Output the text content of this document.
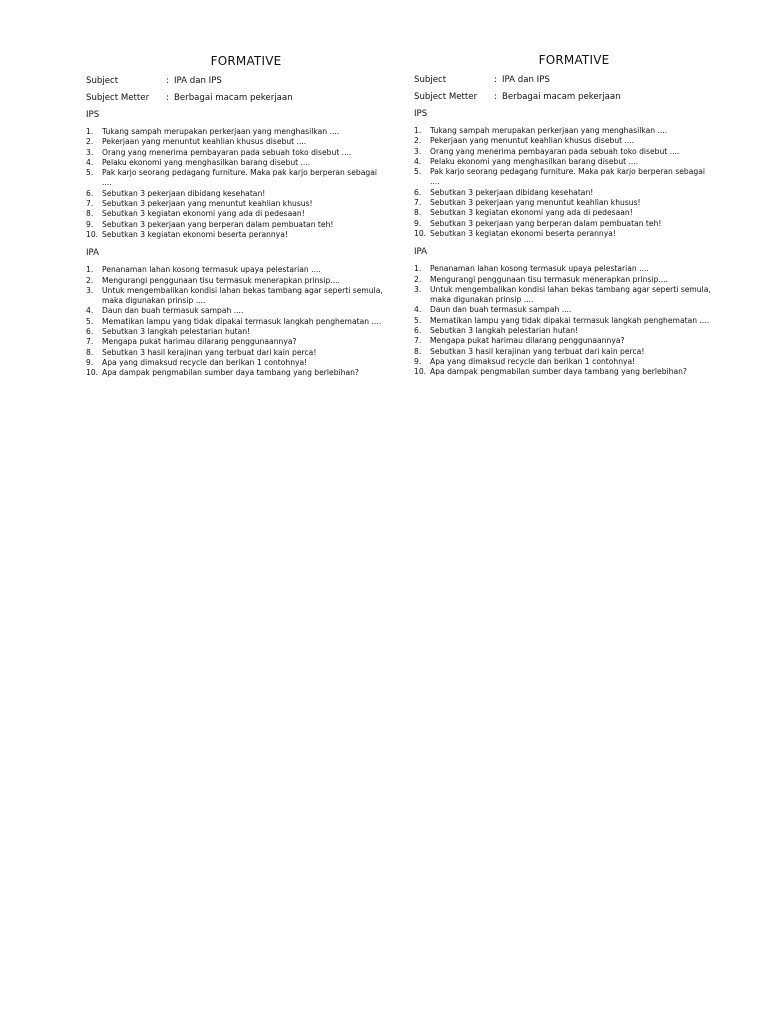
FORMATIVE
Subject	: IPA dan IPS
Subject Metter : Berbagai macam pekerjaan
IPS
1.	Tukang sampah merupakan perkerjaan yang menghasilkan ....
2.	Pekerjaan yang menuntut keahlian khusus disebut ....
3.	Orang yang menerima pembayaran pada sebuah toko disebut ....
4.	Pelaku ekonomi yang menghasilkan barang disebut ....
5.	Pak karjo seorang pedagang furniture. Maka pak karjo berperan sebagai ....
6.	Sebutkan 3 pekerjaan dibidang kesehatan!
7.	Sebutkan 3 pekerjaan yang menuntut keahlian khusus!
8.	Sebutkan 3 kegiatan ekonomi yang ada di pedesaan!
9.	Sebutkan 3 pekerjaan yang berperan dalam pembuatan teh!
10. Sebutkan 3 kegiatan ekonomi beserta perannya!
IPA
1.	Penanaman lahan kosong termasuk upaya pelestarian ....
2.	Mengurangi penggunaan tisu termasuk menerapkan prinsip....
3.	Untuk mengembalikan kondisi lahan bekas tambang agar seperti semula, maka digunakan prinsip ....
4.	Daun dan buah termasuk sampah ....
5.	Mematikan lampu yang tidak dipakai termasuk langkah penghematan ....
6.	Sebutkan 3 langkah pelestarian hutan!
7.	Mengapa pukat harimau dilarang penggunaannya?
8.	Sebutkan 3 hasil kerajinan yang terbuat dari kain perca!
9.	Apa yang dimaksud recycle dan berikan 1 contohnya!
10. Apa dampak pengmabilan sumber daya tambang yang berlebihan?
FORMATIVE
Subject	: IPA dan IPS
Subject Metter : Berbagai macam pekerjaan
IPS
1.	Tukang sampah merupakan perkerjaan yang menghasilkan ....
2.	Pekerjaan yang menuntut keahlian khusus disebut ....
3.	Orang yang menerima pembayaran pada sebuah toko disebut ....
4.	Pelaku ekonomi yang menghasilkan barang disebut ....
5.	Pak karjo seorang pedagang furniture. Maka pak karjo berperan sebagai ....
6.	Sebutkan 3 pekerjaan dibidang kesehatan!
7.	Sebutkan 3 pekerjaan yang menuntut keahlian khusus!
8.	Sebutkan 3 kegiatan ekonomi yang ada di pedesaan!
9.	Sebutkan 3 pekerjaan yang berperan dalam pembuatan teh!
10. Sebutkan 3 kegiatan ekonomi beserta perannya!
IPA
1.	Penanaman lahan kosong termasuk upaya pelestarian ....
2.	Mengurangi penggunaan tisu termasuk menerapkan prinsip....
3.	Untuk mengembalikan kondisi lahan bekas tambang agar seperti semula, maka digunakan prinsip ....
4.	Daun dan buah termasuk sampah ....
5.	Mematikan lampu yang tidak dipakai termasuk langkah penghematan ....
6.	Sebutkan 3 langkah pelestarian hutan!
7.	Mengapa pukat harimau dilarang penggunaannya?
8.	Sebutkan 3 hasil kerajinan yang terbuat dari kain perca!
9.	Apa yang dimaksud recycle dan berikan 1 contohnya!
10. Apa dampak pengmabilan sumber daya tambang yang berlebihan?
